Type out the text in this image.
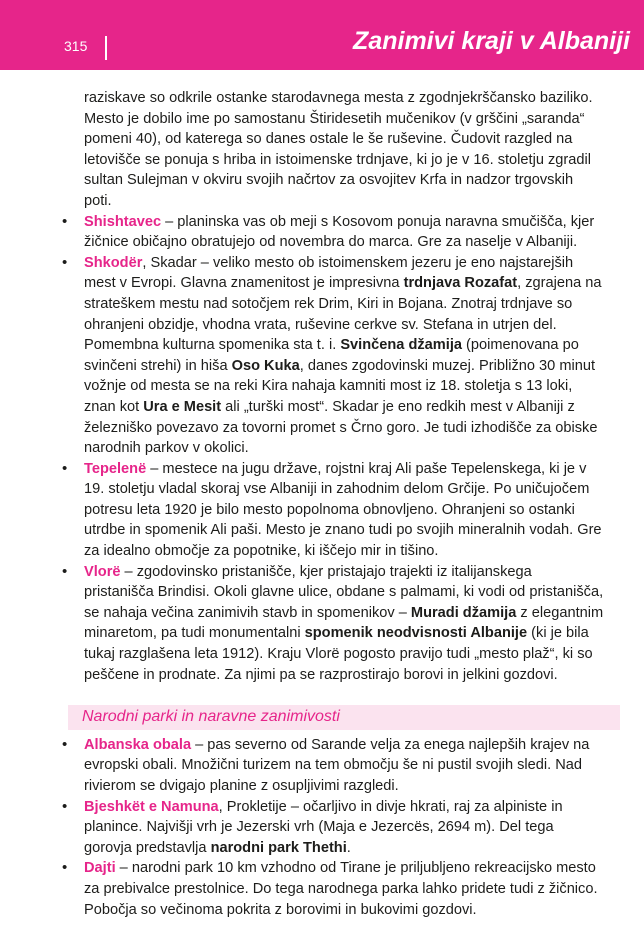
315	Zanimivi kraji v Albaniji

raziskave so odkrile ostanke starodavnega mesta z zgodnjekrščansko baziliko. Mesto je dobilo ime po samostanu Štiridesetih mučenikov (v grščini „saranda“ pomeni 40), od katerega so danes ostale le še ruševine. Čudovit razgled na letovišče se ponuja s hriba in istoimenske trdnjave, ki jo je v 16. stoletju zgradil sultan Sulejman v okviru svojih načrtov za osvojitev Krfa in nadzor trgovskih poti.

• Shishtavec – planinska vas ob meji s Kosovom ponuja naravna smučišča, kjer žičnice običajno obratujejo od novembra do marca. Gre za naselje v Albaniji.
• Shkodër, Skadar – veliko mesto ob istoimenskem jezeru je eno najstarejših mest v Evropi. Glavna znamenitost je impresivna trdnjava Rozafat, zgrajena na strateškem mestu nad sotočjem rek Drim, Kiri in Bojana. Znotraj trdnjave so ohranjeni obzidje, vhodna vrata, ruševine cerkve sv. Stefana in utrjen del. Pomembna kulturna spomenika sta t. i. Svinčena džamija (poimenovana po svinčeni strehi) in hiša Oso Kuka, danes zgodovinski muzej. Približno 30 minut vožnje od mesta se na reki Kira nahaja kamniti most iz 18. stoletja s 13 loki, znan kot Ura e Mesit ali „turški most“. Skadar je eno redkih mest v Albaniji z železniško povezavo za tovorni promet s Črno goro. Je tudi izhodišče za obiske narodnih parkov v okolici.
• Tepelenë – mestece na jugu države, rojstni kraj Ali paše Tepelenskega, ki je v 19. stoletju vladal skoraj vse Albaniji in zahodnim delom Grčije. Po uničujočem potresu leta 1920 je bilo mesto popolnoma obnovljeno. Ohranjeni so ostanki utrdbe in spomenik Ali paši. Mesto je znano tudi po svojih mineralnih vodah. Gre za idealno območje za popotnike, ki iščejo mir in tišino.
• Vlorë – zgodovinsko pristanišče, kjer pristajajo trajekti iz italijanskega pristanišča Brindisi. Okoli glavne ulice, obdane s palmami, ki vodi od pristanišča, se nahaja večina zanimivih stavb in spomenikov – Muradi džamija z elegantnim minaretom, pa tudi monumentalni spomenik neodvisnosti Albanije (ki je bila tukaj razglašena leta 1912). Kraju Vlorë pogosto pravijo tudi „mesto plaž“, ki so peščene in prodnate. Za njimi pa se razprostirajo borovi in jelkini gozdovi.
Narodni parki in naravne zanimivosti
• Albanska obala – pas severno od Sarande velja za enega najlepših krajev na evropski obali. Množični turizem na tem območju še ni pustil svojih sledi. Nad rivierom se dvigajo planine z osupljivimi razgledi.
• Bjeshkët e Namuna, Prokletije – očarljivo in divje hkrati, raj za alpiniste in planince. Najvišji vrh je Jezerski vrh (Maja e Jezercës, 2694 m). Del tega gorovja predstavlja narodni park Thethi.
• Dajti – narodni park 10 km vzhodno od Tirane je priljubljeno rekreacijsko mesto za prebivalce prestolnice. Do tega narodnega parka lahko pridete tudi z žičnico. Pobočja so večinoma pokrita z borovimi in bukovimi gozdovi.
